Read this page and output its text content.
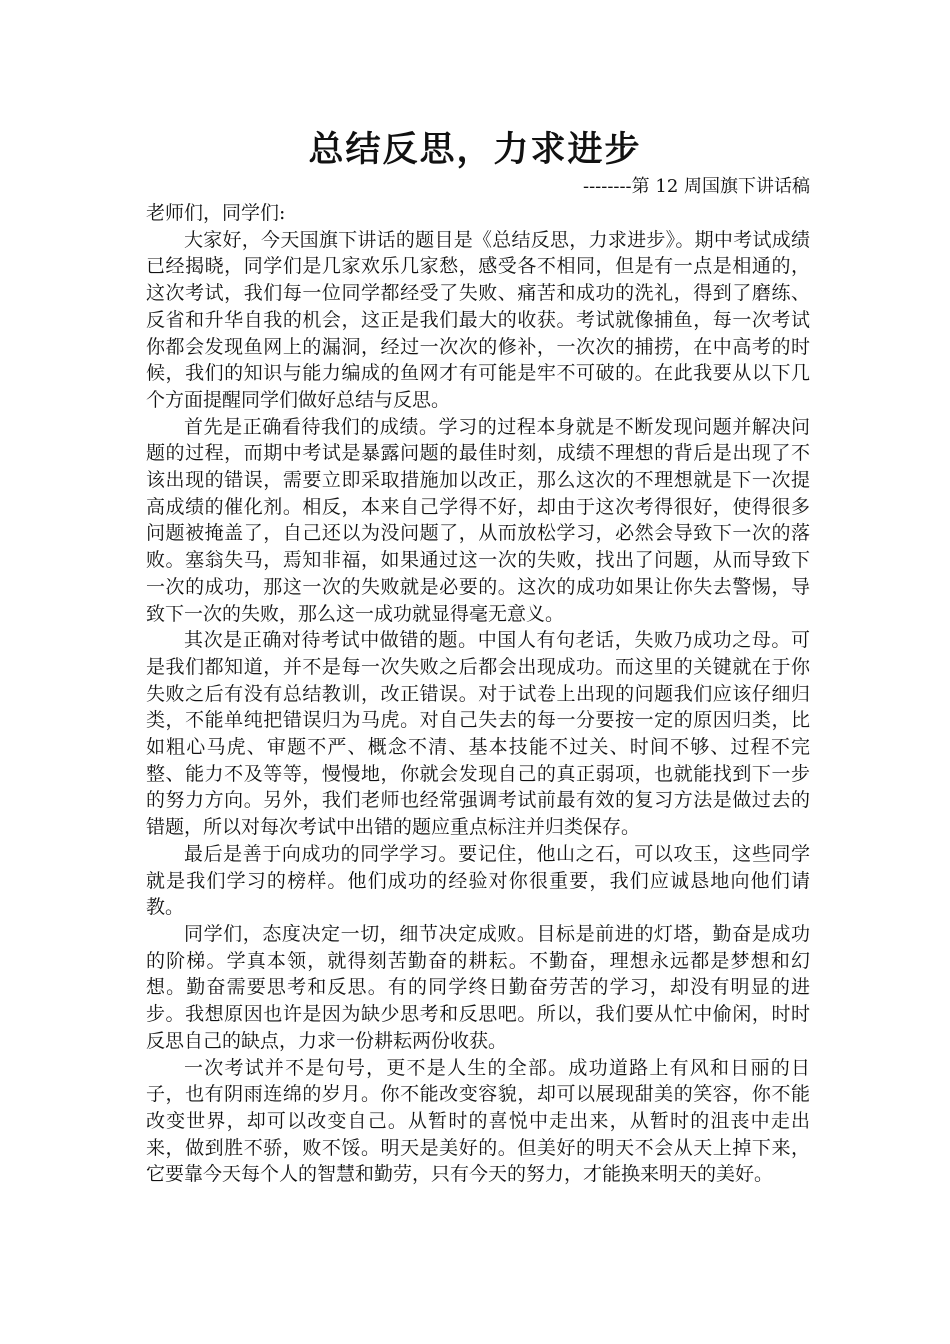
总结反思，力求进步
--------第 12 周国旗下讲话稿

老师们，同学们:

大家好，今天国旗下讲话的题目是《总结反思，力求进步》。期中考试成绩已经揭晓，同学们是几家欢乐几家愁，感受各不相同，但是有一点是相通的，这次考试，我们每一位同学都经受了失败、痛苦和成功的洗礼，得到了磨练、反省和升华自我的机会，这正是我们最大的收获。考试就像捕鱼，每一次考试你都会发现鱼网上的漏洞，经过一次次的修补，一次次的捕捞，在中高考的时候，我们的知识与能力编成的鱼网才有可能是牢不可破的。在此我要从以下几个方面提醒同学们做好总结与反思。

首先是正确看待我们的成绩。学习的过程本身就是不断发现问题并解决问题的过程，而期中考试是暴露问题的最佳时刻，成绩不理想的背后是出现了不该出现的错误，需要立即采取措施加以改正，那么这次的不理想就是下一次提高成绩的催化剂。相反，本来自己学得不好，却由于这次考得很好，使得很多问题被掩盖了，自己还以为没问题了，从而放松学习，必然会导致下一次的落败。塞翁失马，焉知非福，如果通过这一次的失败，找出了问题，从而导致下一次的成功，那这一次的失败就是必要的。这次的成功如果让你失去警惕，导致下一次的失败，那么这一成功就显得毫无意义。

其次是正确对待考试中做错的题。中国人有句老话，失败乃成功之母。可是我们都知道，并不是每一次失败之后都会出现成功。而这里的关键就在于你失败之后有没有总结教训，改正错误。对于试卷上出现的问题我们应该仔细归类，不能单纯把错误归为马虎。对自己失去的每一分要按一定的原因归类，比如粗心马虎、审题不严、概念不清、基本技能不过关、时间不够、过程不完整、能力不及等等，慢慢地，你就会发现自己的真正弱项，也就能找到下一步的努力方向。另外，我们老师也经常强调考试前最有效的复习方法是做过去的错题，所以对每次考试中出错的题应重点标注并归类保存。

最后是善于向成功的同学学习。要记住，他山之石，可以攻玉，这些同学就是我们学习的榜样。他们成功的经验对你很重要，我们应诚恳地向他们请教。

同学们，态度决定一切，细节决定成败。目标是前进的灯塔，勤奋是成功的阶梯。学真本领，就得刻苦勤奋的耕耘。不勤奋，理想永远都是梦想和幻想。勤奋需要思考和反思。有的同学终日勤奋劳苦的学习，却没有明显的进步。我想原因也许是因为缺少思考和反思吧。所以，我们要从忙中偷闲，时时反思自己的缺点，力求一份耕耘两份收获。

一次考试并不是句号，更不是人生的全部。成功道路上有风和日丽的日子，也有阴雨连绵的岁月。你不能改变容貌，却可以展现甜美的笑容，你不能改变世界，却可以改变自己。从暂时的喜悦中走出来，从暂时的沮丧中走出来，做到胜不骄，败不馁。明天是美好的。但美好的明天不会从天上掉下来，它要靠今天每个人的智慧和勤劳，只有今天的努力，才能换来明天的美好。
